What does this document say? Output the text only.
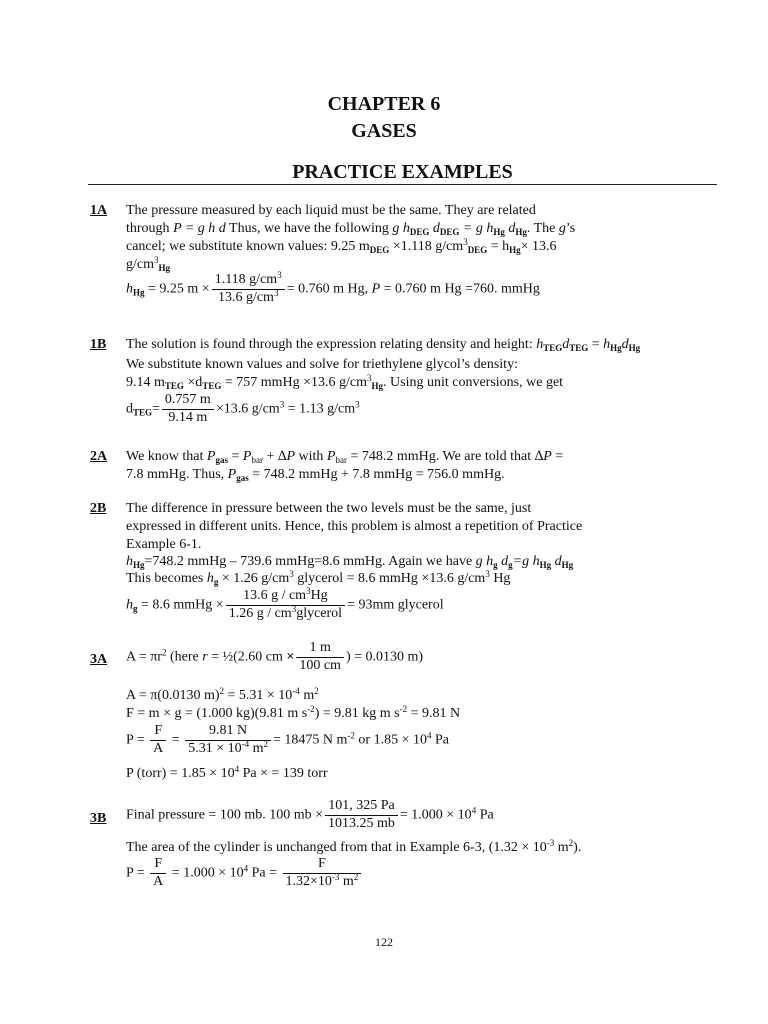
CHAPTER 6
GASES
PRACTICE EXAMPLES
1A The pressure measured by each liquid must be the same. They are related
through P = g h d Thus, we have the following g $h_{DEG}$ $d_{DEG} = g$ $h_{Hg}$ $d_{Hg}$. The g’s
cancel; we substitute known values: 9.25 $m_{DEG} \times 1.118$ $g/cm^3_{DEG} = h_{Hg}\times 13.6$
$g/cm^3_{Hg}$
$h_{Hg} = 9.25$ $m \times \frac{1.118 g/cm^3}{13.6 g/cm^3} = 0.760$ m Hg, P = 0.760 m Hg =760. mmHg
1B The solution is found through the expression relating density and height: $h_{TEG}d_{TEG} = h_{Hg}d_{Hg}$
We substitute known values and solve for triethylene glycol’s density:
9.14 $m_{TEG} \times d_{TEG} = 757$ mmHg ×13.6 $g/cm^3_{Hg}$. Using unit conversions, we get
$d_{TEG}= \frac{0.757 m}{9.14 m} \times 13.6$ $g/cm^3 = 1.13$ $g/cm^3$
2A We know that $P_{gas} = P_{bar} + \Delta P$ with $P_{bar} = 748.2$ mmHg. We are told that ∆P =
7.8 mmHg. Thus, $P_{gas} = 748.2$ mmHg + 7.8 mmHg = 756.0 mmHg.
2B The difference in pressure between the two levels must be the same, just
expressed in different units. Hence, this problem is almost a repetition of Practice
Example 6-1.
$h_{Hg}=748.2$ mmHg – 739.6 mmHg=8.6 mmHg. Again we have g $h_g$ $d_g=g$ $h_{Hg}$ $d_{Hg}$
This becomes $h_g \times 1.26$ $g/cm^3$ glycerol = 8.6 mmHg ×13.6 $g/cm^3$ Hg
$h_g = 8.6$ mmHg × $\frac{13.6 g / cm^3Hg}{1.26 g / cm^3glycerol} = 93mm$ glycerol
3A $A = \pi r^2$ (here r = ½(2.60 cm × $\frac{1 m}{100 cm}$ ) = 0.0130 m)
A = π(0.0130 $m)^2 = 5.31 \times 10^{-4}$ $m^2$
F = m × g = (1.000 kg)(9.81 m $s^{-2}) = 9.81$ kg m $s^{-2} = 9.81$ N
$P = \frac{F}{A} = \frac{9.81 N}{5.31 \times 10^{-4} m^2} = 18475$ N $m^{-2}$ or $1.85 \times 10^4$ Pa
P (torr) = $1.85 \times 10^4$ Pa × = 139 torr
3B Final pressure = 100 mb. 100 mb × $\frac{101, 325 Pa}{1013.25 mb} = 1.000 \times 10^4$ Pa
The area of the cylinder is unchanged from that in Example 6-3, ($1.32 \times 10^{-3}$ $m^2$).
$P = \frac{F}{A} = 1.000 \times 10^4$ $Pa = \frac{F}{1.32\times 10^{-3} m^2}$
122
